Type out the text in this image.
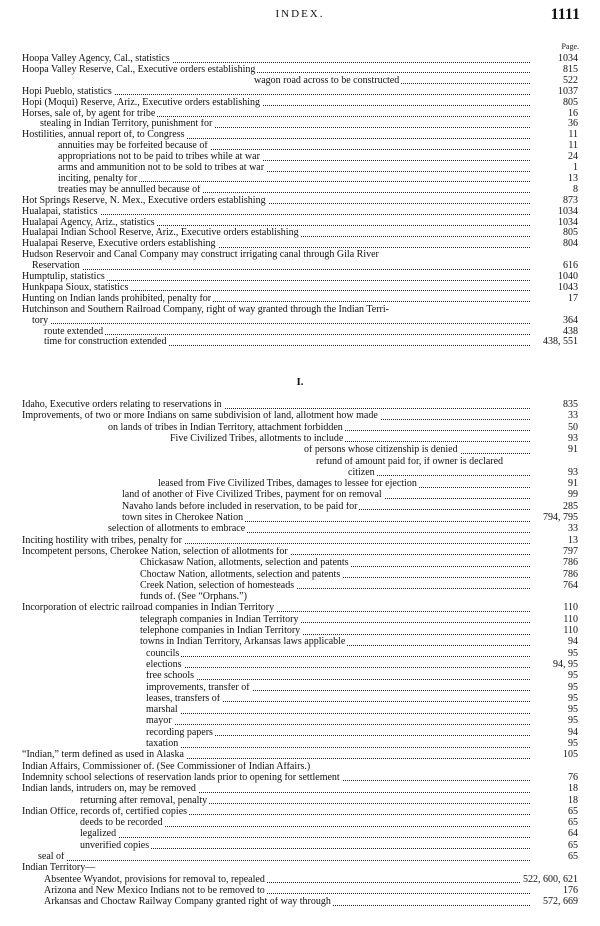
INDEX.	1111
Page.
Hoopa Valley Agency, Cal., statistics	1034
Hoopa Valley Reserve, Cal., Executive orders establishing	815
wagon road across to be constructed	522
Hopi Pueblo, statistics	1037
Hopi (Moqui) Reserve, Ariz., Executive orders establishing	805
Horses, sale of, by agent for tribe	16
stealing in Indian Territory, punishment for	36
Hostilities, annual report of, to Congress	11
annuities may be forfeited because of	11
appropriations not to be paid to tribes while at war	24
arms and ammunition not to be sold to tribes at war	1
inciting, penalty for	13
treaties may be annulled because of	8
Hot Springs Reserve, N. Mex., Executive orders establishing	873
Hualapai, statistics	1034
Hualapai Agency, Ariz., statistics	1034
Hualapai Indian School Reserve, Ariz., Executive orders establishing	805
Hualapai Reserve, Executive orders establishing	804
Hudson Reservoir and Canal Company may construct irrigating canal through Gila River
Reservation	616
Humptulip, statistics	1040
Hunkpapa Sioux, statistics	1043
Hunting on Indian lands prohibited, penalty for	17
Hutchinson and Southern Railroad Company, right of way granted through the Indian Terri-
tory	364
route extended	438
time for construction extended	438, 551
I.
Idaho, Executive orders relating to reservations in	835
Improvements, of two or more Indians on same subdivision of land, allotment how made	33
on lands of tribes in Indian Territory, attachment forbidden	50
Five Civilized Tribes, allotments to include	93
of persons whose citizenship is denied	91
refund of amount paid for, if owner is declared
citizen	93
leased from Five Civilized Tribes, damages to lessee for ejection	91
land of another of Five Civilized Tribes, payment for on removal	99
Navaho lands before included in reservation, to be paid for	285
town sites in Cherokee Nation	794, 795
selection of allotments to embrace	33
Inciting hostility with tribes, penalty for	13
Incompetent persons, Cherokee Nation, selection of allotments for	797
Chickasaw Nation, allotments, selection and patents	786
Choctaw Nation, allotments, selection and patents	786
Creek Nation, selection of homesteads	764
funds of. (See “Orphans.”)
Incorporation of electric railroad companies in Indian Territory	110
telegraph companies in Indian Territory	110
telephone companies in Indian Territory	110
towns in Indian Territory, Arkansas laws applicable	94
councils	95
elections	94, 95
free schools	95
improvements, transfer of	95
leases, transfers of	95
marshal	95
mayor	95
recording papers	94
taxation	95
“Indian,” term defined as used in Alaska	105
Indian Affairs, Commissioner of. (See Commissioner of Indian Affairs.)
Indemnity school selections of reservation lands prior to opening for settlement	76
Indian lands, intruders on, may be removed	18
returning after removal, penalty	18
Indian Office, records of, certified copies	65
deeds to be recorded	65
legalized	64
unverified copies	65
seal of	65
Indian Territory—
Absentee Wyandot, provisions for removal to, repealed	522, 600, 621
Arizona and New Mexico Indians not to be removed to	176
Arkansas and Choctaw Railway Company granted right of way through	572, 669
